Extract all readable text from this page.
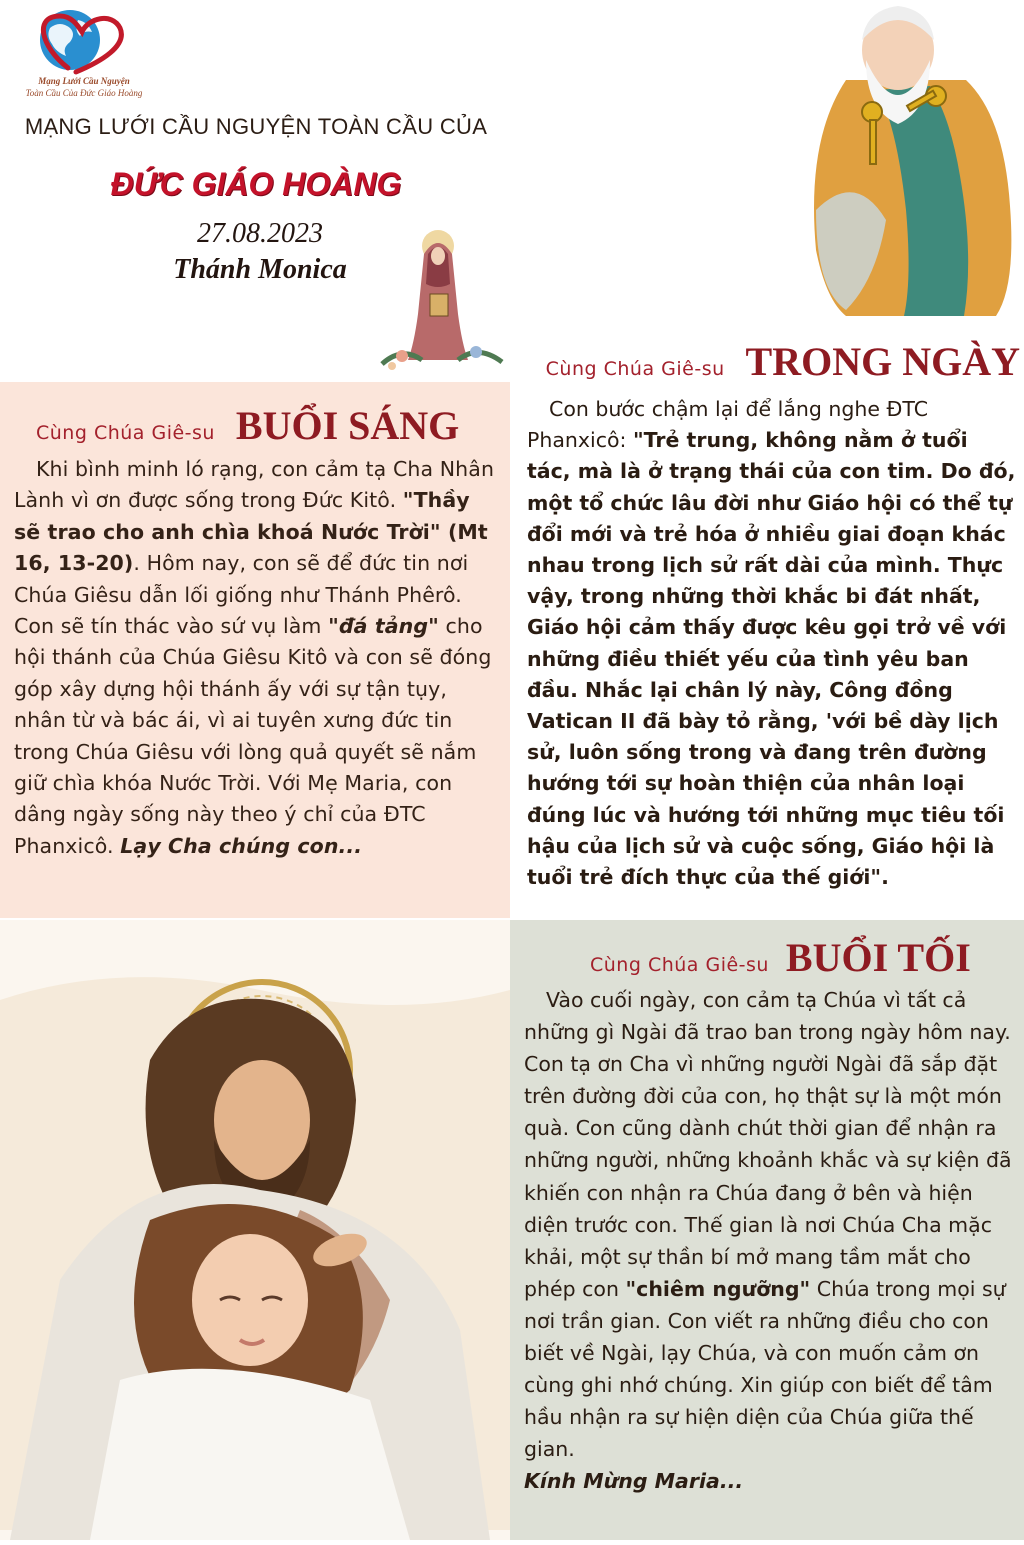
Mạng Lưới Cầu Nguyện
Toàn Cầu Của Đức Giáo Hoàng
MẠNG LƯỚI CẦU NGUYỆN TOÀN CẦU CỦA
ĐỨC GIÁO HOÀNG
27.08.2023
Thánh Monica
Cùng Chúa Giê-su BUỔI SÁNG
Khi bình minh ló rạng, con cảm tạ Cha Nhân Lành vì ơn được sống trong Đức Kitô. "Thầy sẽ trao cho anh chìa khoá Nước Trời" (Mt 16, 13-20). Hôm nay, con sẽ để đức tin nơi Chúa Giêsu dẫn lối giống như Thánh Phêrô. Con sẽ tín thác vào sứ vụ làm "đá tảng" cho hội thánh của Chúa Giêsu Kitô và con sẽ đóng góp xây dựng hội thánh ấy với sự tận tụy, nhân từ và bác ái, vì ai tuyên xưng đức tin trong Chúa Giêsu với lòng quả quyết sẽ nắm giữ chìa khóa Nước Trời. Với Mẹ Maria, con dâng ngày sống này theo ý chỉ của ĐTC Phanxicô. Lạy Cha chúng con...
Cùng Chúa Giê-su TRONG NGÀY
Con bước chậm lại để lắng nghe ĐTC Phanxicô: "Trẻ trung, không nằm ở tuổi tác, mà là ở trạng thái của con tim. Do đó, một tổ chức lâu đời như Giáo hội có thể tự đổi mới và trẻ hóa ở nhiều giai đoạn khác nhau trong lịch sử rất dài của mình. Thực vậy, trong những thời khắc bi đát nhất, Giáo hội cảm thấy được kêu gọi trở về với những điều thiết yếu của tình yêu ban đầu. Nhắc lại chân lý này, Công đồng Vatican II đã bày tỏ rằng, 'với bề dày lịch sử, luôn sống trong và đang trên đường hướng tới sự hoàn thiện của nhân loại đúng lúc và hướng tới những mục tiêu tối hậu của lịch sử và cuộc sống, Giáo hội là tuổi trẻ đích thực của thế giới".
Cùng Chúa Giê-su BUỔI TỐI
Vào cuối ngày, con cảm tạ Chúa vì tất cả những gì Ngài đã trao ban trong ngày hôm nay. Con tạ ơn Cha vì những người Ngài đã sắp đặt trên đường đời của con, họ thật sự là một món quà. Con cũng dành chút thời gian để nhận ra những người, những khoảnh khắc và sự kiện đã khiến con nhận ra Chúa đang ở bên và hiện diện trước con. Thế gian là nơi Chúa Cha mặc khải, một sự thần bí mở mang tầm mắt cho phép con "chiêm ngưỡng" Chúa trong mọi sự nơi trần gian. Con viết ra những điều cho con biết về Ngài, lạy Chúa, và con muốn cảm ơn cùng ghi nhớ chúng. Xin giúp con biết để tâm hầu nhận ra sự hiện diện của Chúa giữa thế gian.
Kính Mừng Maria...
